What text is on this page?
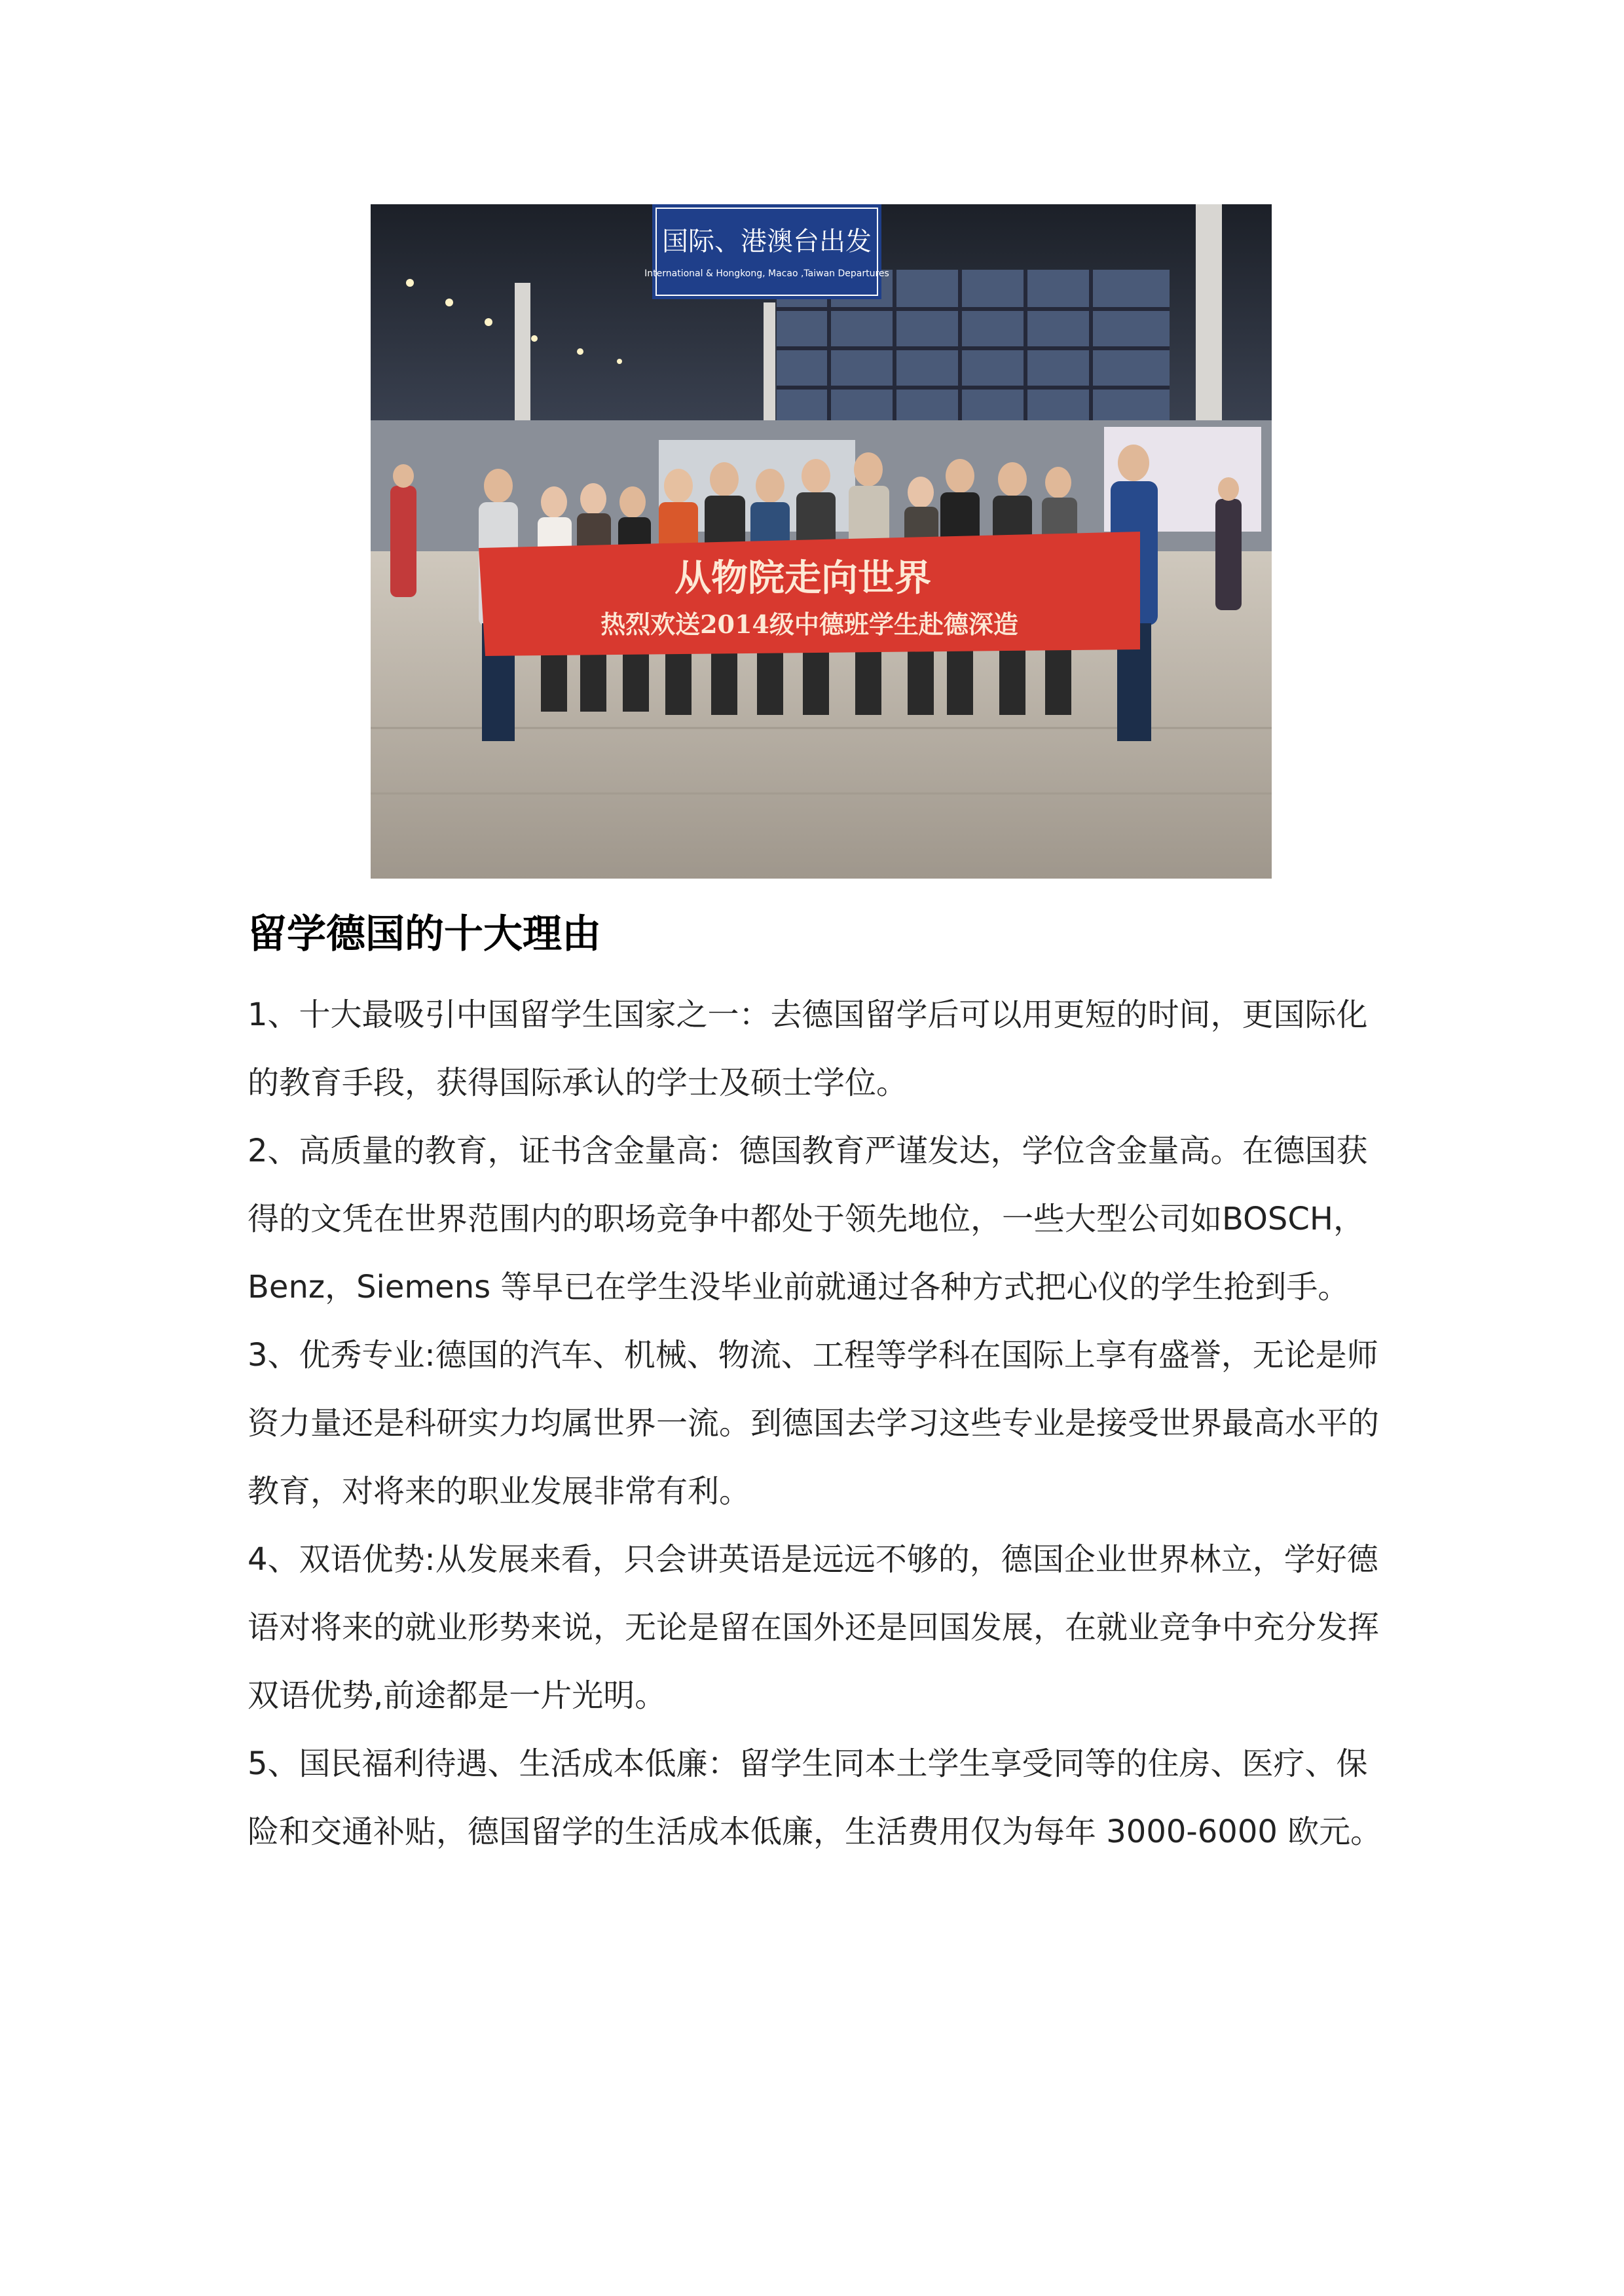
国际、港澳台出发
International & Hongkong, Macao ,Taiwan Departures
从物院走向世界
热烈欢送2014级中德班学生赴德深造
留学德国的十大理由

1、十大最吸引中国留学生国家之一：去德国留学后可以用更短的时间，更国际化的教育手段，获得国际承认的学士及硕士学位。

2、高质量的教育，证书含金量高：德国教育严谨发达，学位含金量高。在德国获得的文凭在世界范围内的职场竞争中都处于领先地位，一些大型公司如BOSCH，Benz，Siemens 等早已在学生没毕业前就通过各种方式把心仪的学生抢到手。

3、优秀专业:德国的汽车、机械、物流、工程等学科在国际上享有盛誉，无论是师资力量还是科研实力均属世界一流。到德国去学习这些专业是接受世界最高水平的教育，对将来的职业发展非常有利。

4、双语优势:从发展来看，只会讲英语是远远不够的，德国企业世界林立，学好德语对将来的就业形势来说，无论是留在国外还是回国发展，在就业竞争中充分发挥双语优势,前途都是一片光明。

5、国民福利待遇、生活成本低廉：留学生同本土学生享受同等的住房、医疗、保险和交通补贴，德国留学的生活成本低廉，生活费用仅为每年 3000-6000 欧元。
